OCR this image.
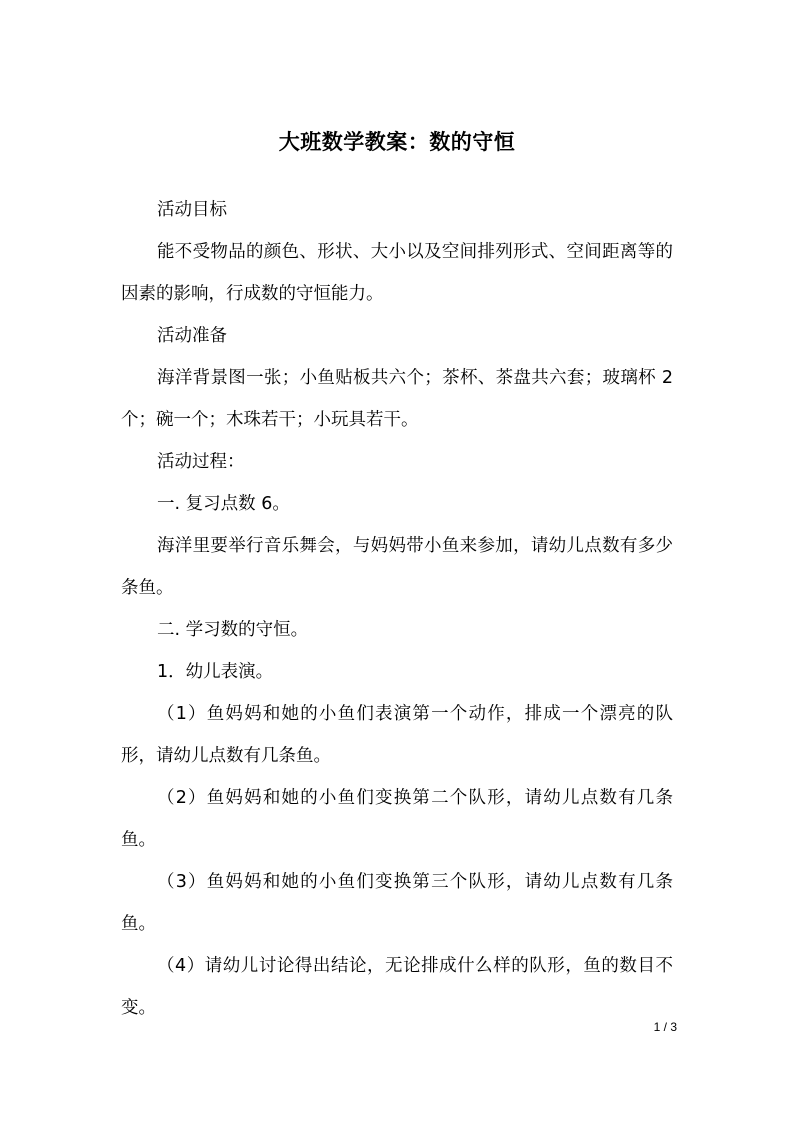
大班数学教案：数的守恒

活动目标

能不受物品的颜色、形状、大小以及空间排列形式、空间距离等的因素的影响，行成数的守恒能力。

活动准备

海洋背景图一张；小鱼贴板共六个；茶杯、茶盘共六套；玻璃杯 2 个；碗一个；木珠若干；小玩具若干。

活动过程：

一. 复习点数 6。

海洋里要举行音乐舞会，与妈妈带小鱼来参加，请幼儿点数有多少条鱼。

二. 学习数的守恒。

1．幼儿表演。

（1）鱼妈妈和她的小鱼们表演第一个动作，排成一个漂亮的队形，请幼儿点数有几条鱼。

（2）鱼妈妈和她的小鱼们变换第二个队形，请幼儿点数有几条鱼。

（3）鱼妈妈和她的小鱼们变换第三个队形，请幼儿点数有几条鱼。

（4）请幼儿讨论得出结论，无论排成什么样的队形，鱼的数目不变。

1 / 3
